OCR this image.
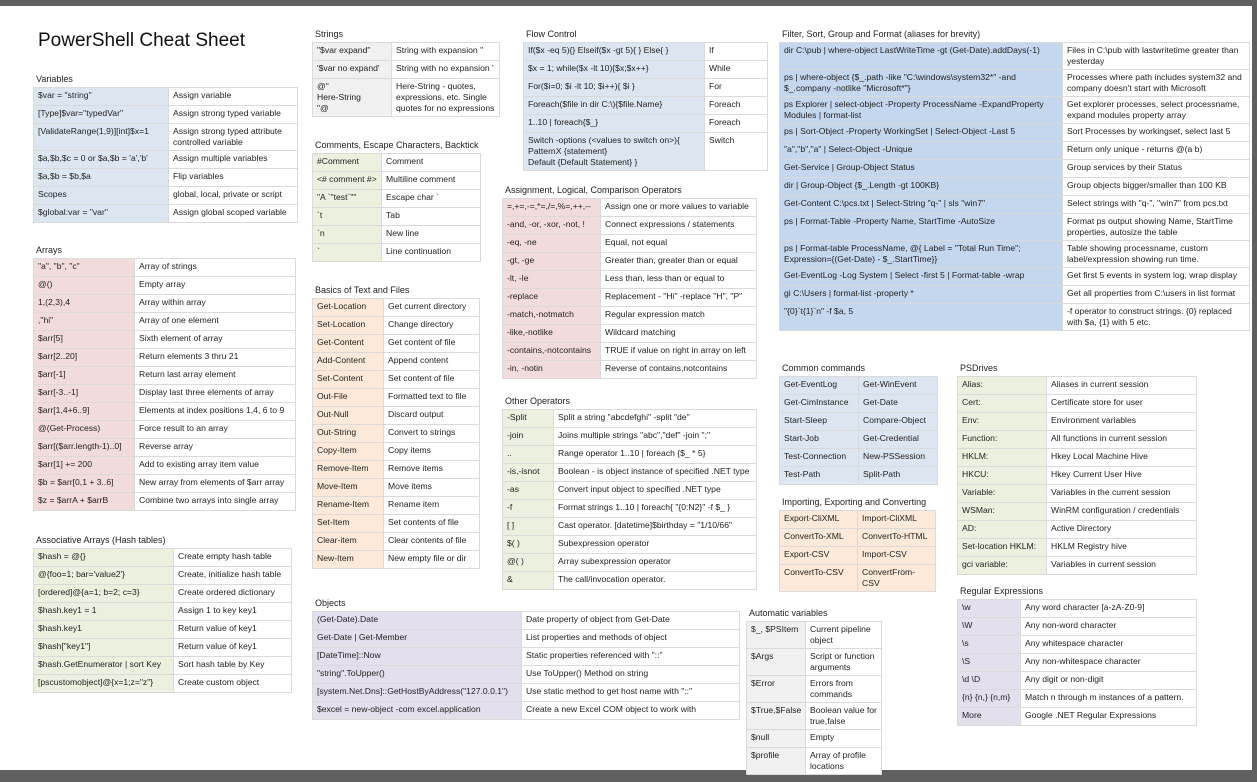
PowerShell Cheat Sheet
Variables
$var = "string"	Assign variable
[Type]$var="typedVar"	Assign strong typed variable
[ValidateRange(1,9)][int]$x=1	Assign strong typed attribute controlled variable
$a,$b,$c = 0 or $a,$b = 'a','b'	Assign multiple variables
$a,$b = $b,$a	Flip variables
Scopes	global, local, private or script
$global:var = "var"	Assign global scoped variable
Arrays
"a", "b", "c"	Array of strings
@()	Empty array
1,(2,3),4	Array within array
,"hi"	Array of one element
$arr[5]	Sixth element of array
$arr[2..20]	Return elements 3 thru 21
$arr[-1]	Return last array element
$arr[-3..-1]	Display last three elements of array
$arr[1,4+6..9]	Elements at index positions 1,4, 6 to 9
@(Get-Process)	Force result to an array
$arr[($arr.length-1)..0]	Reverse array
$arr[1] += 200	Add to existing array item value
$b = $arr[0,1 + 3..6]	New array from elements of $arr array
$z = $arrA + $arrB	Combine two arrays into single array
Associative Arrays (Hash tables)
$hash = @{}	Create empty hash table
@{foo=1; bar='value2'}	Create, initialize hash table
[ordered]@{a=1; b=2; c=3}	Create ordered dictionary
$hash.key1 = 1	Assign 1 to key key1
$hash.key1	Return value of key1
$hash["key1"]	Return value of key1
$hash.GetEnumerator | sort Key	Sort hash table by Key
[pscustomobject]@{x=1;z="z"}	Create custom object
Strings
"$var expand"	String with expansion "
'$var no expand'	String with no expansion '
@"
Here-String
"@	Here-String - quotes, expressions, etc. Single quotes for no expressions
Comments, Escape Characters, Backtick
#Comment	Comment
<# comment #>	Multiline comment
"A `"test`""	Escape char `
`t	Tab
`n	New line
`	Line continuation
Basics of Text and Files
Get-Location	Get current directory
Set-Location	Change directory
Get-Content	Get content of file
Add-Content	Append content
Set-Content	Set content of file
Out-File	Formatted text to file
Out-Null	Discard output
Out-String	Convert to strings
Copy-Item	Copy items
Remove-Item	Remove items
Move-Item	Move items
Rename-Item	Rename item
Set-Item	Set contents of file
Clear-item	Clear contents of file
New-Item	New empty file or dir
Objects
(Get-Date).Date	Date property of object from Get-Date
Get-Date | Get-Member	List properties and methods of object
[DateTime]::Now	Static properties referenced with "::"
"string".ToUpper()	Use ToUpper() Method on string
[system.Net.Dns]::GetHostByAddress("127.0.0.1")	Use static method to get host name with "::"
$excel = new-object -com excel.application	Create a new Excel COM object to work with
Flow Control
If($x -eq 5){} Elseif($x -gt 5){ } Else{ }	If
$x = 1; while($x -lt 10){$x;$x++}	While
For($i=0; $i -lt 10; $i++){ $i }	For
Foreach($file in dir C:\){$file.Name}	Foreach
1..10 | foreach{$_}	Foreach
Switch -options (<values to switch on>){
PatternX {statement}
Default {Default Statement} }	Switch
Assignment, Logical, Comparison Operators
=,+=,-=,*=,/=,%=,++,--	Assign one or more values to variable
-and, -or, -xor, -not, !	Connect expressions / statements
-eq, -ne	Equal, not equal
-gt, -ge	Greater than, greater than or equal
-lt, -le	Less than, less than or equal to
-replace	Replacement - "Hi" -replace "H", "P"
-match,-notmatch	Regular expression match
-like,-notlike	Wildcard matching
-contains,-notcontains	TRUE if value on right in array on left
-in, -notin	Reverse of contains,notcontains
Other Operators
-Split	Split a string "abcdefghi" -split "de"
-join	Joins multiple strings "abc","def" -join ";"
..	Range operator 1..10 | foreach {$_ * 5}
-is,-isnot	Boolean - is object instance of specified .NET type
-as	Convert input object to specified .NET type
-f	Format strings 1..10 | foreach{ "{0:N2}" -f $_ }
[ ]	Cast operator. [datetime]$birthday = "1/10/66"
$( )	Subexpression operator
@( )	Array subexpression operator
&	The call/invocation operator.
Filter, Sort, Group and Format (aliases for brevity)
dir C:\pub | where-object LastWriteTime -gt (Get-Date).addDays(-1)	Files in C:\pub with lastwritetime greater than yesterday
ps | where-object {$_.path -like "C:\windows\system32*" -and $_.company -notlike "Microsoft*"}	Processes where path includes system32 and company doesn't start with Microsoft
ps Explorer | select-object -Property ProcessName -ExpandProperty Modules | format-list	Get explorer processes, select processname, expand modules property array
ps | Sort-Object -Property WorkingSet | Select-Object -Last 5	Sort Processes by workingset, select last 5
"a","b","a" | Select-Object -Unique	Return only unique - returns @(a b)
Get-Service | Group-Object Status	Group services by their Status
dir | Group-Object {$_.Length -gt 100KB}	Group objects bigger/smaller than 100 KB
Get-Content C:\pcs.txt | Select-String "q-" | sls "win7"	Select strings with "q-", "win7" from pcs.txt
ps | Format-Table -Property Name, StartTime -AutoSize	Format ps output showing Name, StartTime properties, autosize the table
ps | Format-table ProcessName, @{ Label = "Total Run Time"; Expression={(Get-Date) - $_.StartTime}}	Table showing processname, custom label/expression showing run time.
Get-EventLog -Log System | Select -first 5 | Format-table -wrap	Get first 5 events in system log, wrap display
gi C:\Users | format-list -property *	Get all properties from C:\users in list format
"{0}`t{1}`n" -f $a, 5	-f operator to construct strings. {0} replaced with $a, {1} with 5 etc.
Common commands
Get-EventLog	Get-WinEvent
Get-CimInstance	Get-Date
Start-Sleep	Compare-Object
Start-Job	Get-Credential
Test-Connection	New-PSSession
Test-Path	Split-Path
Importing, Exporting and Converting
Export-CliXML	Import-CliXML
ConvertTo-XML	ConvertTo-HTML
Export-CSV	Import-CSV
ConvertTo-CSV	ConvertFrom-CSV
Automatic variables
$_, $PSItem	Current pipeline object
$Args	Script or function arguments
$Error	Errors from commands
$True,$False	Boolean value for true,false
$null	Empty
$profile	Array of profile locations
PSDrives
Alias:	Aliases in current session
Cert:	Certificate store for user
Env:	Environment variables
Function:	All functions in current session
HKLM:	Hkey Local Machine Hive
HKCU:	Hkey Current User Hive
Variable:	Variables in the current session
WSMan:	WinRM configuration / credentials
AD:	Active Directory
Set-location HKLM:	HKLM Registry hive
gci variable:	Variables in current session
Regular Expressions
\w	Any word character [a-zA-Z0-9]
\W	Any non-word character
\s	Any whitespace character
\S	Any non-whitespace character
\d \D	Any digit or non-digit
{n} {n,} {n,m}	Match n through m instances of a pattern.
More	Google .NET Regular Expressions
